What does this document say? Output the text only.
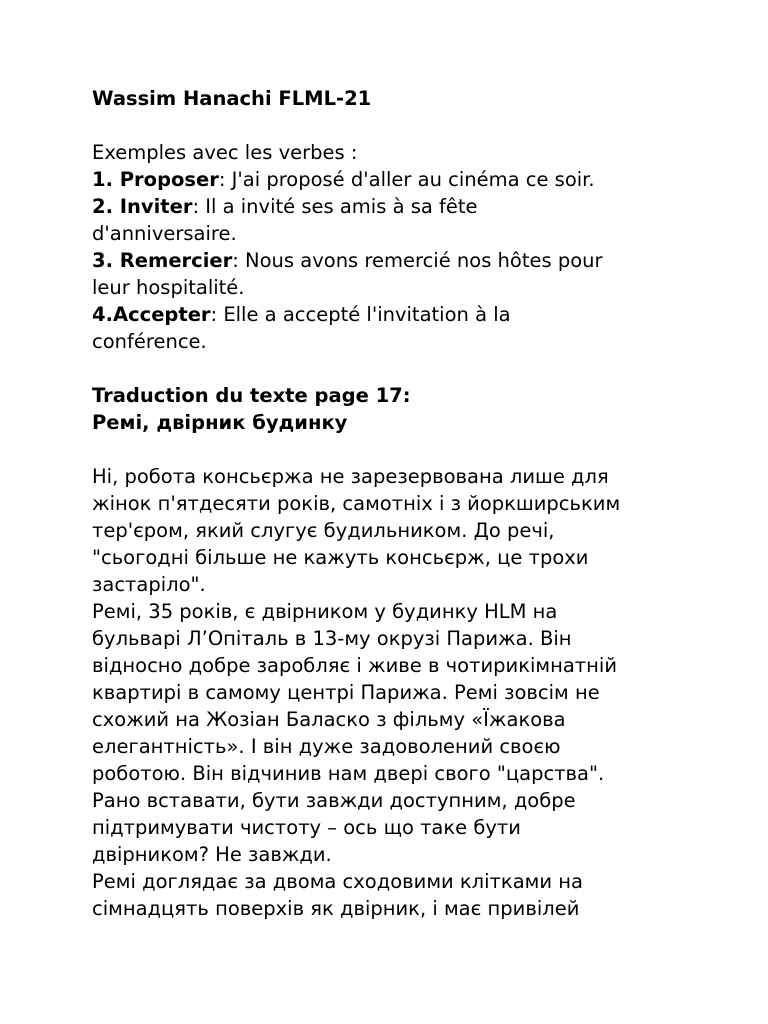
Wassim Hanachi FLML-21
Exemples avec les verbes :
1. Proposer: J'ai proposé d'aller au cinéma ce soir.
2. Inviter: Il a invité ses amis à sa fête
d'anniversaire.
3. Remercier: Nous avons remercié nos hôtes pour
leur hospitalité.
4.Accepter: Elle a accepté l'invitation à la
conférence.
Traduction du texte page 17:
Ремі, двірник будинку
Ні, робота консьєржа не зарезервована лише для
жінок п'ятдесяти років, самотніх і з йоркширським
тер'єром, який слугує будильником. До речі,
"сьогодні більше не кажуть консьєрж, це трохи
застаріло".
Ремі, 35 років, є двірником у будинку HLM на
бульварі Л’Опіталь в 13-му окрузі Парижа. Він
відносно добре заробляє і живе в чотирикімнатній
квартирі в самому центрі Парижа. Ремі зовсім не
схожий на Жозіан Баласко з фільму «Їжакова
елегантність». І він дуже задоволений своєю
роботою. Він відчинив нам двері свого "царства".
Рано вставати, бути завжди доступним, добре
підтримувати чистоту – ось що таке бути
двірником? Не завжди.
Ремі доглядає за двома сходовими клітками на
сімнадцять поверхів як двірник, і має привілей
